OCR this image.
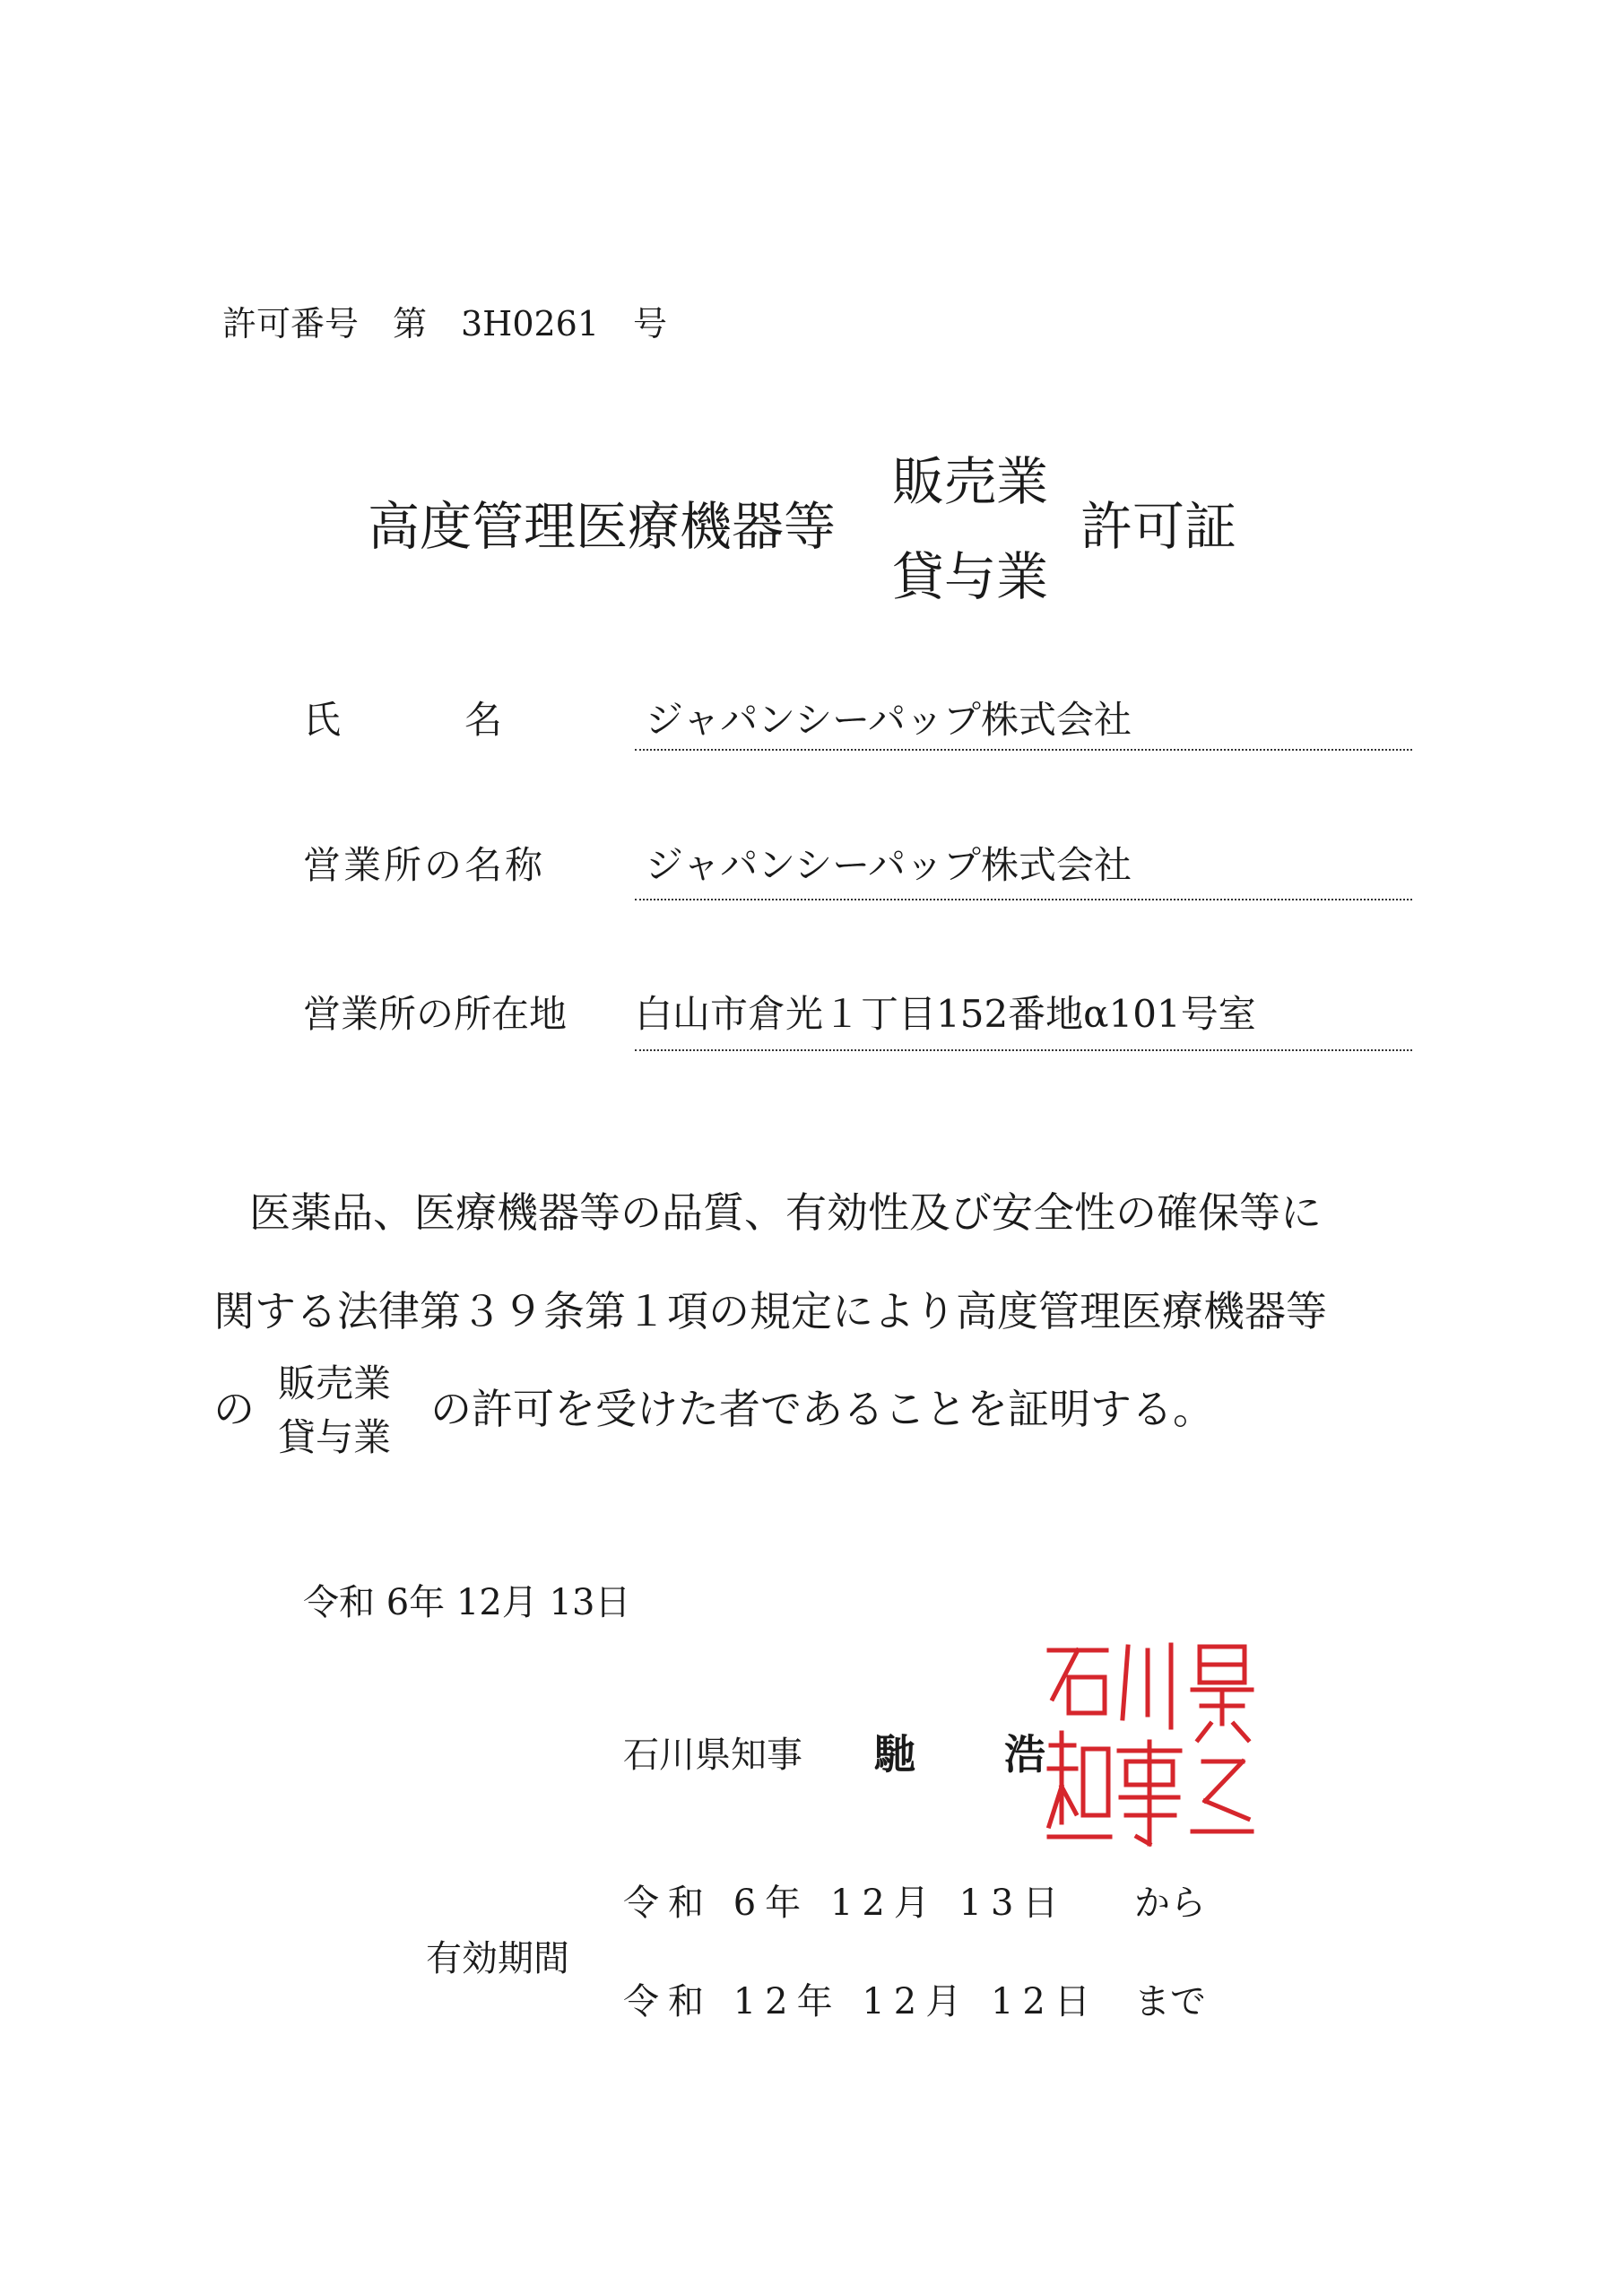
許可番号　第　3H0261　号
高度管理医療機器等
販売業
貸与業
許可証
氏　　　名	ジャパンシーパップ株式会社
営業所の名称	ジャパンシーパップ株式会社
営業所の所在地 白山市倉光１丁目152番地α101号室
医薬品、医療機器等の品質、有効性及び安全性の確保等に
関する法律第３９条第１項の規定により高度管理医療機器等
の
販売業
貸与業
の許可を受けた者であることを証明する。
令和 6年 12月 13日
石川県知事 馳 浩
有効期間
令和 6年 12月 13日 から
令和 12年 12月 12日 まで
